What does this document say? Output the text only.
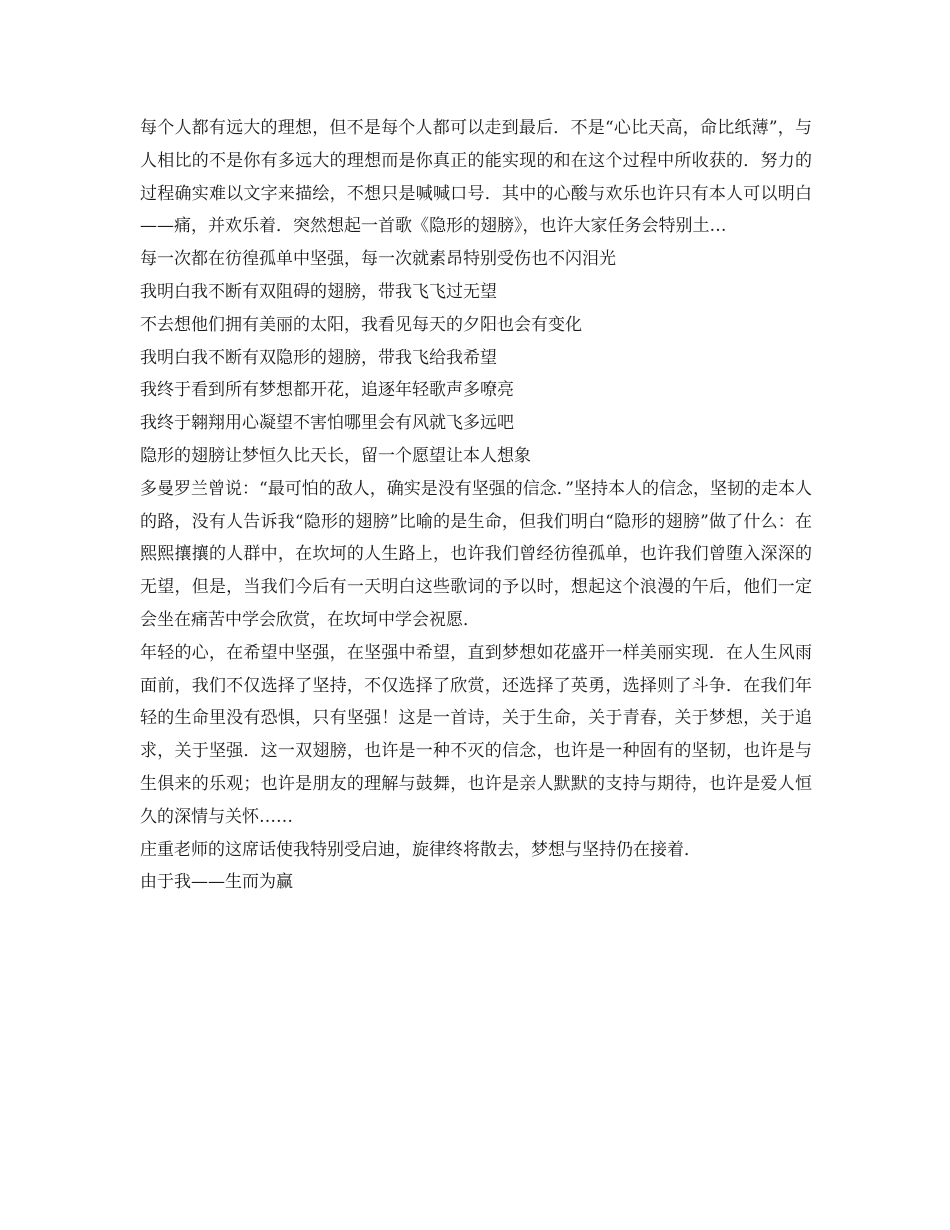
每个人都有远大的理想，但不是每个人都可以走到最后．不是“心比天高，命比纸薄”，与人相比的不是你有多远大的理想而是你真正的能实现的和在这个过程中所收获的．努力的过程确实难以文字来描绘，不想只是喊喊口号．其中的心酸与欢乐也许只有本人可以明白——痛，并欢乐着．突然想起一首歌《隐形的翅膀》，也许大家任务会特别土…

每一次都在彷徨孤单中坚强，每一次就素昂特别受伤也不闪泪光

我明白我不断有双阻碍的翅膀，带我飞飞过无望

不去想他们拥有美丽的太阳，我看见每天的夕阳也会有变化

我明白我不断有双隐形的翅膀，带我飞给我希望

我终于看到所有梦想都开花，追逐年轻歌声多嘹亮

我终于翱翔用心凝望不害怕哪里会有风就飞多远吧

隐形的翅膀让梦恒久比天长，留一个愿望让本人想象

多曼罗兰曾说：“最可怕的敌人，确实是没有坚强的信念．”坚持本人的信念，坚韧的走本人的路，没有人告诉我“隐形的翅膀”比喻的是生命，但我们明白“隐形的翅膀”做了什么：在熙熙攘攘的人群中，在坎坷的人生路上，也许我们曾经彷徨孤单，也许我们曾堕入深深的无望，但是，当我们今后有一天明白这些歌词的予以时，想起这个浪漫的午后，他们一定会坐在痛苦中学会欣赏，在坎坷中学会祝愿．

年轻的心，在希望中坚强，在坚强中希望，直到梦想如花盛开一样美丽实现．在人生风雨面前，我们不仅选择了坚持，不仅选择了欣赏，还选择了英勇，选择则了斗争．在我们年轻的生命里没有恐惧，只有坚强！这是一首诗，关于生命，关于青春，关于梦想，关于追求，关于坚强．这一双翅膀，也许是一种不灭的信念，也许是一种固有的坚韧，也许是与生俱来的乐观；也许是朋友的理解与鼓舞，也许是亲人默默的支持与期待，也许是爱人恒久的深情与关怀……

庄重老师的这席话使我特别受启迪，旋律终将散去，梦想与坚持仍在接着．

由于我——生而为赢
